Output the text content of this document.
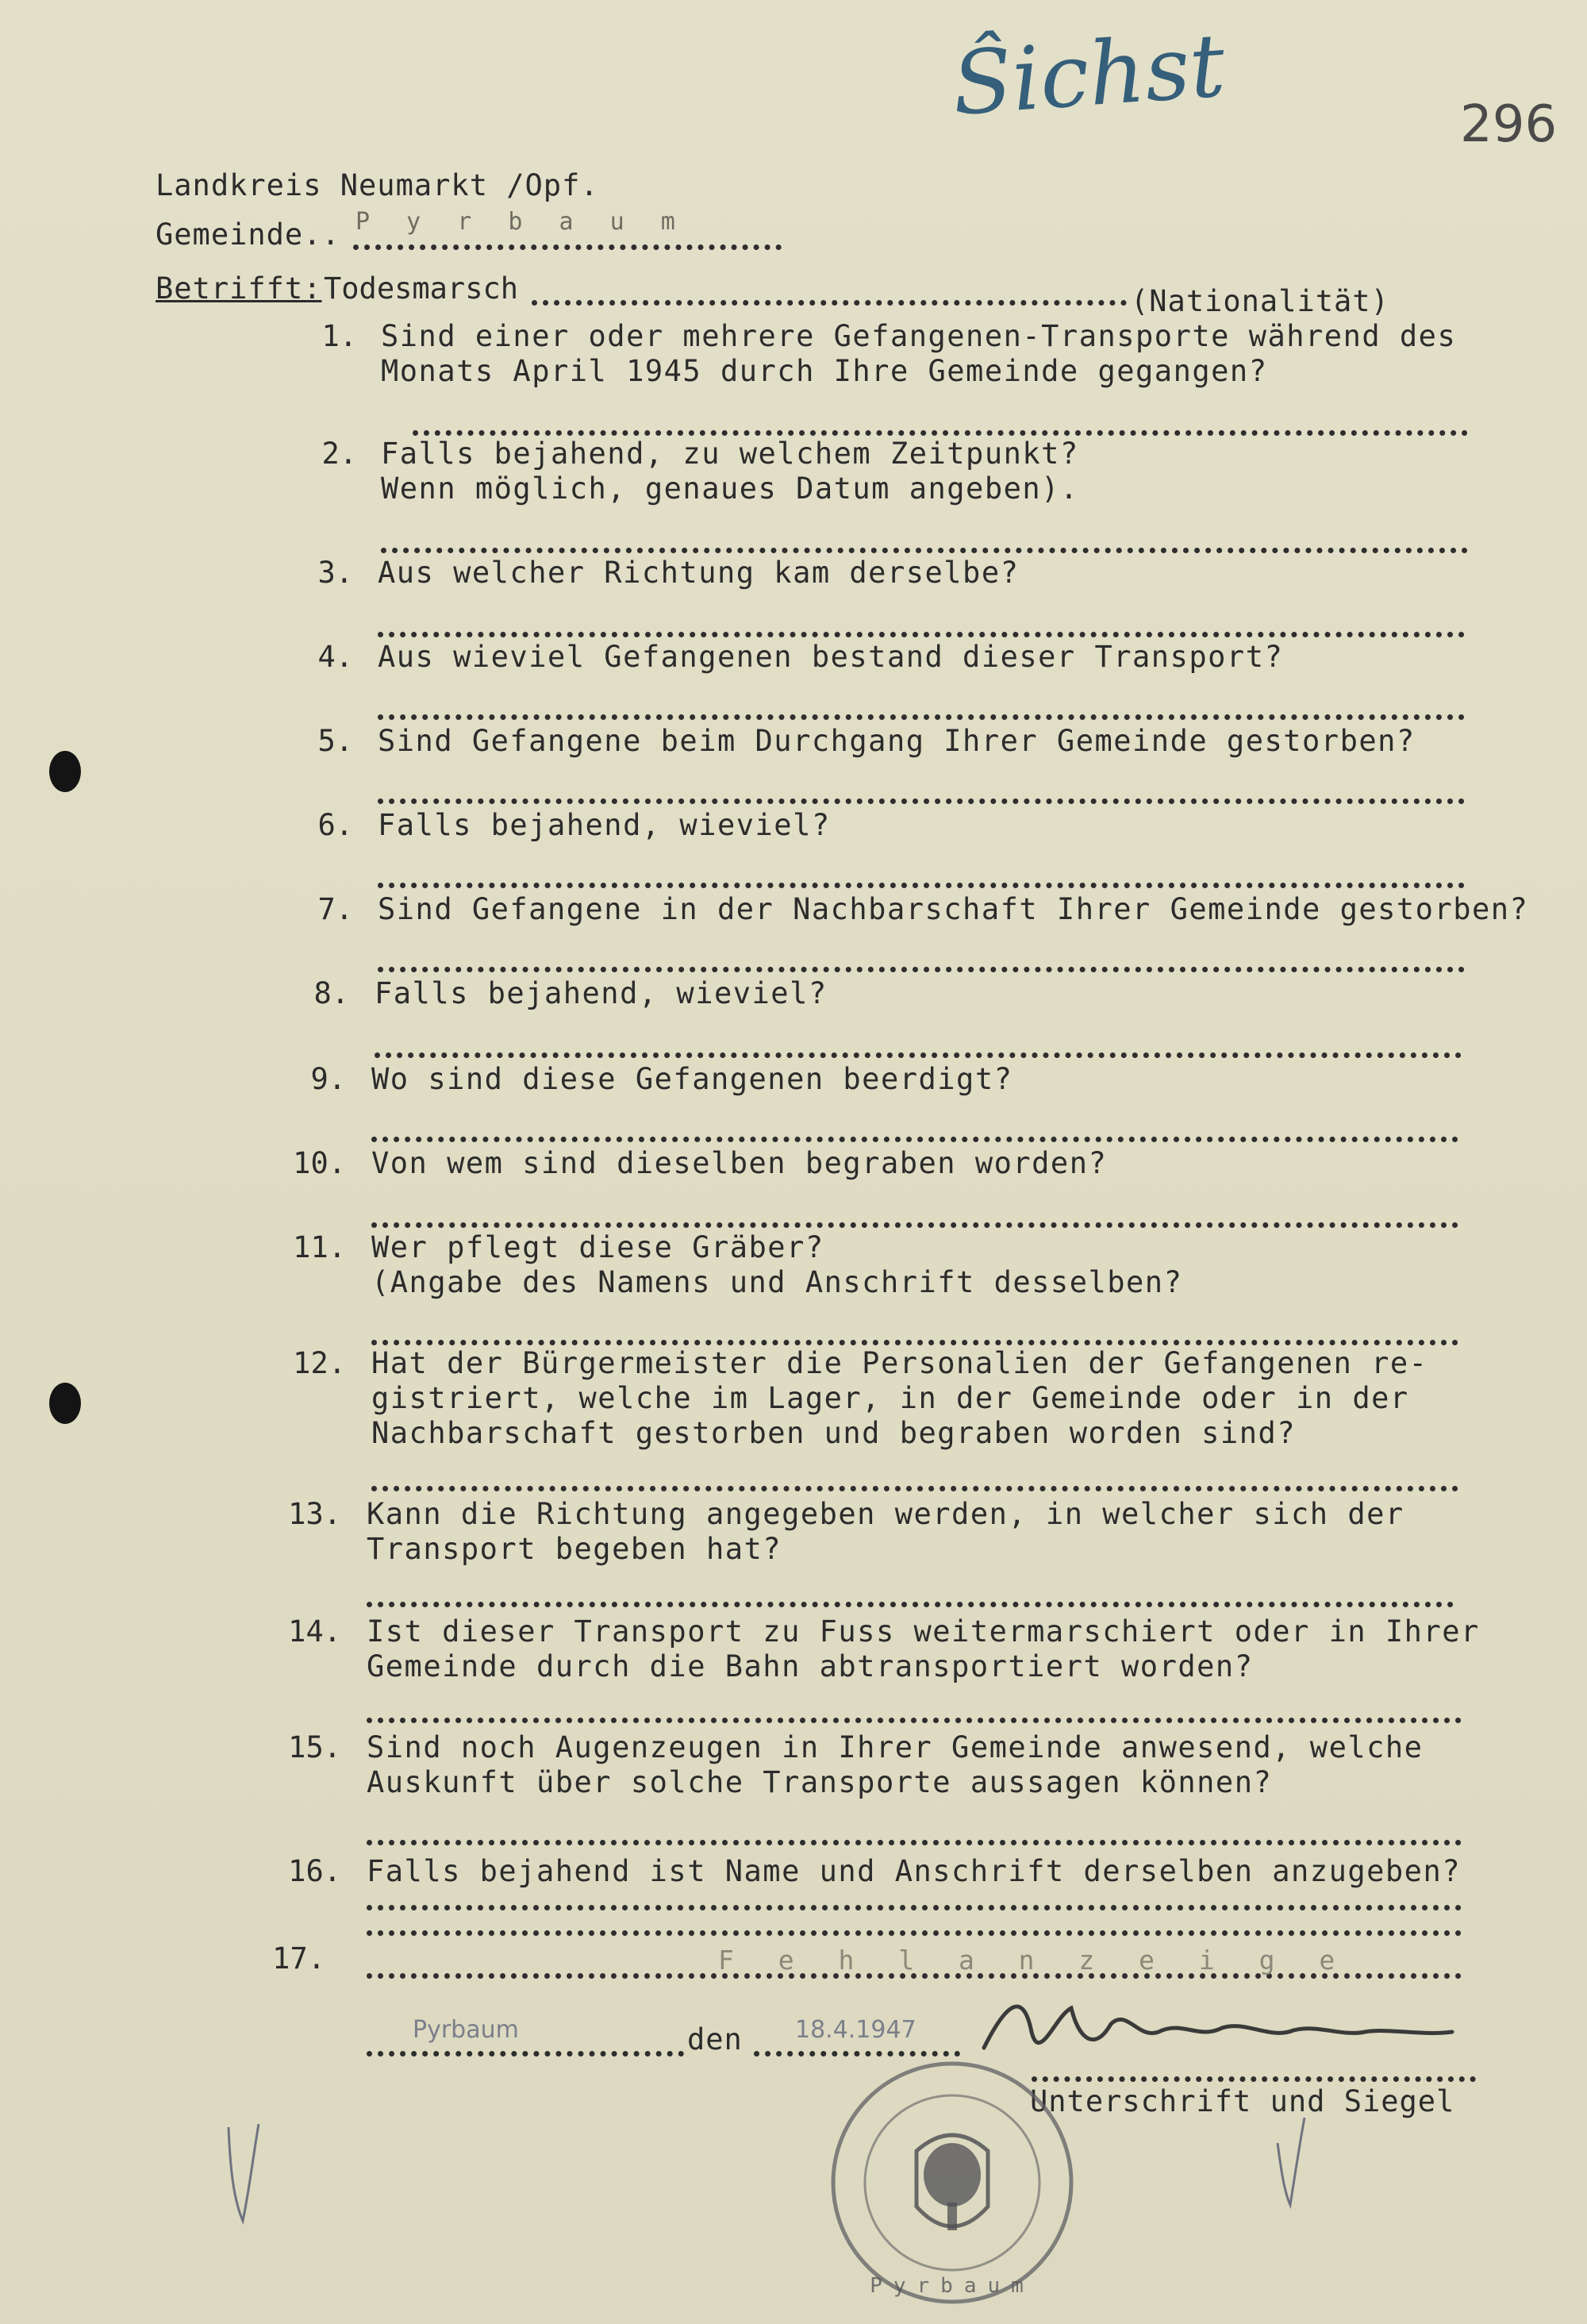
Ŝichst	296
Landkreis Neumarkt /Opf.
Gemeinde.. P y r b a u m
Betrifft: Todesmarsch	(Nationalität)
1. Sind einer oder mehrere Gefangenen-Transporte während des
Monats April 1945 durch Ihre Gemeinde gegangen?
2. Falls bejahend, zu welchem Zeitpunkt?
Wenn möglich, genaues Datum angeben).
3. Aus welcher Richtung kam derselbe?
4. Aus wieviel Gefangenen bestand dieser Transport?
5. Sind Gefangene beim Durchgang Ihrer Gemeinde gestorben?
6. Falls bejahend, wieviel?
7. Sind Gefangene in der Nachbarschaft Ihrer Gemeinde gestorben?
8. Falls bejahend, wieviel?
9. Wo sind diese Gefangenen beerdigt?
10. Von wem sind dieselben begraben worden?
11. Wer pflegt diese Gräber?
(Angabe des Namens und Anschrift desselben?
12. Hat der Bürgermeister die Personalien der Gefangenen re-
gistriert, welche im Lager, in der Gemeinde oder in der
Nachbarschaft gestorben und begraben worden sind?
13. Kann die Richtung angegeben werden, in welcher sich der
Transport begeben hat?
14. Ist dieser Transport zu Fuss weitermarschiert oder in Ihrer
Gemeinde durch die Bahn abtransportiert worden?
15. Sind noch Augenzeugen in Ihrer Gemeinde anwesend, welche
Auskunft über solche Transporte aussagen können?
16. Falls bejahend ist Name und Anschrift derselben anzugeben?
17.	F e h l a n z e i g e
Pyrbaum	den 18.4.1947
Unterschrift und Siegel
Pyrbaum
